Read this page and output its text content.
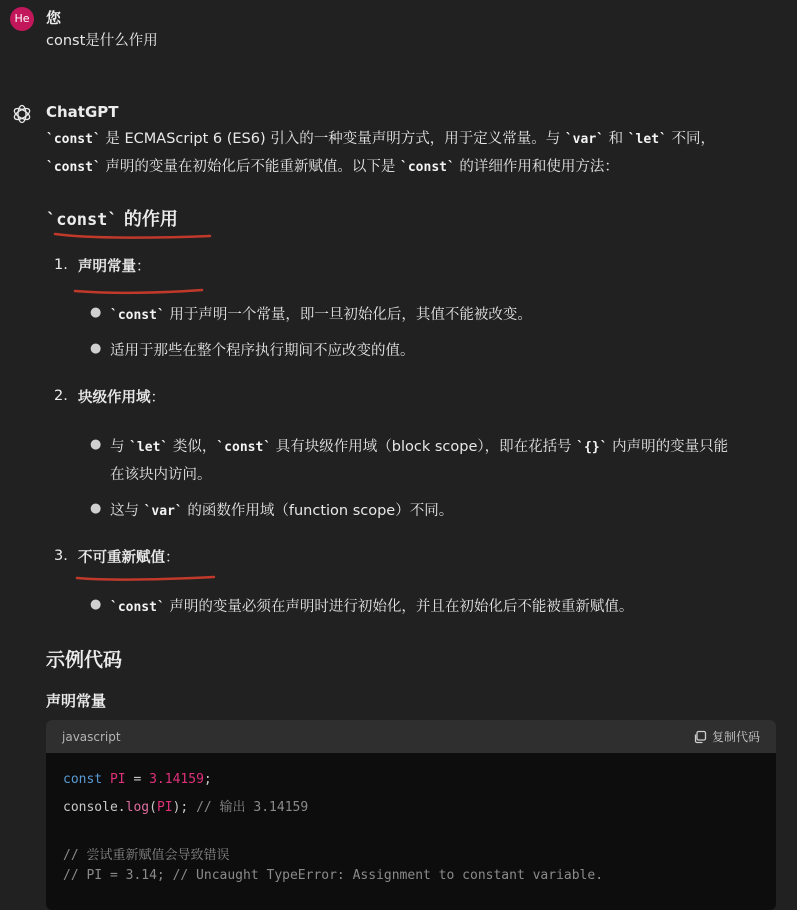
He 您
const是什么作用
ChatGPT
`const` 是 ECMAScript 6 (ES6) 引入的一种变量声明方式，用于定义常量。与 `var` 和 `let` 不同，
`const` 声明的变量在初始化后不能重新赋值。以下是 `const` 的详细作用和使用方法：
`const` 的作用
1. 声明常量：
● `const` 用于声明一个常量，即一旦初始化后，其值不能被改变。
● 适用于那些在整个程序执行期间不应改变的值。
2. 块级作用域：
● 与 `let` 类似，`const` 具有块级作用域（block scope），即在花括号 `{}` 内声明的变量只能
在该块内访问。
● 这与 `var` 的函数作用域（function scope）不同。
3. 不可重新赋值：
● `const` 声明的变量必须在声明时进行初始化，并且在初始化后不能被重新赋值。
示例代码
声明常量
javascript	复制代码
const PI = 3.14159;
console.log(PI); // 输出 3.14159
// 尝试重新赋值会导致错误
// PI = 3.14; // Uncaught TypeError: Assignment to constant variable.
